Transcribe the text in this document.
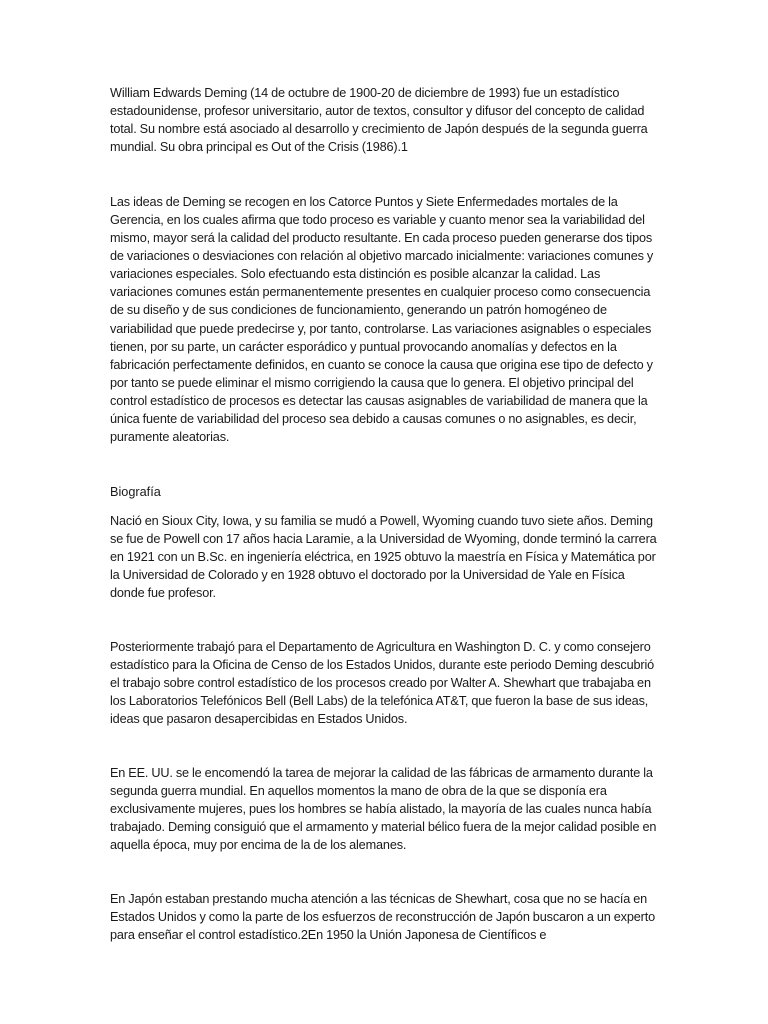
William Edwards Deming (14 de octubre de 1900-20 de diciembre de 1993) fue un estadístico estadounidense, profesor universitario, autor de textos, consultor y difusor del concepto de calidad total. Su nombre está asociado al desarrollo y crecimiento de Japón después de la segunda guerra mundial. Su obra principal es Out of the Crisis (1986).1

Las ideas de Deming se recogen en los Catorce Puntos y Siete Enfermedades mortales de la Gerencia, en los cuales afirma que todo proceso es variable y cuanto menor sea la variabilidad del mismo, mayor será la calidad del producto resultante. En cada proceso pueden generarse dos tipos de variaciones o desviaciones con relación al objetivo marcado inicialmente: variaciones comunes y variaciones especiales. Solo efectuando esta distinción es posible alcanzar la calidad. Las variaciones comunes están permanentemente presentes en cualquier proceso como consecuencia de su diseño y de sus condiciones de funcionamiento, generando un patrón homogéneo de variabilidad que puede predecirse y, por tanto, controlarse. Las variaciones asignables o especiales tienen, por su parte, un carácter esporádico y puntual provocando anomalías y defectos en la fabricación perfectamente definidos, en cuanto se conoce la causa que origina ese tipo de defecto y por tanto se puede eliminar el mismo corrigiendo la causa que lo genera. El objetivo principal del control estadístico de procesos es detectar las causas asignables de variabilidad de manera que la única fuente de variabilidad del proceso sea debido a causas comunes o no asignables, es decir, puramente aleatorias.

Biografía

Nació en Sioux City, Iowa, y su familia se mudó a Powell, Wyoming cuando tuvo siete años. Deming se fue de Powell con 17 años hacia Laramie, a la Universidad de Wyoming, donde terminó la carrera en 1921 con un B.Sc. en ingeniería eléctrica, en 1925 obtuvo la maestría en Física y Matemática por la Universidad de Colorado y en 1928 obtuvo el doctorado por la Universidad de Yale en Física donde fue profesor.

Posteriormente trabajó para el Departamento de Agricultura en Washington D. C. y como consejero estadístico para la Oficina de Censo de los Estados Unidos, durante este periodo Deming descubrió el trabajo sobre control estadístico de los procesos creado por Walter A. Shewhart que trabajaba en los Laboratorios Telefónicos Bell (Bell Labs) de la telefónica AT&T, que fueron la base de sus ideas, ideas que pasaron desapercibidas en Estados Unidos.

En EE. UU. se le encomendó la tarea de mejorar la calidad de las fábricas de armamento durante la segunda guerra mundial. En aquellos momentos la mano de obra de la que se disponía era exclusivamente mujeres, pues los hombres se había alistado, la mayoría de las cuales nunca había trabajado. Deming consiguió que el armamento y material bélico fuera de la mejor calidad posible en aquella época, muy por encima de la de los alemanes.

En Japón estaban prestando mucha atención a las técnicas de Shewhart, cosa que no se hacía en Estados Unidos y como la parte de los esfuerzos de reconstrucción de Japón buscaron a un experto para enseñar el control estadístico.2En 1950 la Unión Japonesa de Científicos e
